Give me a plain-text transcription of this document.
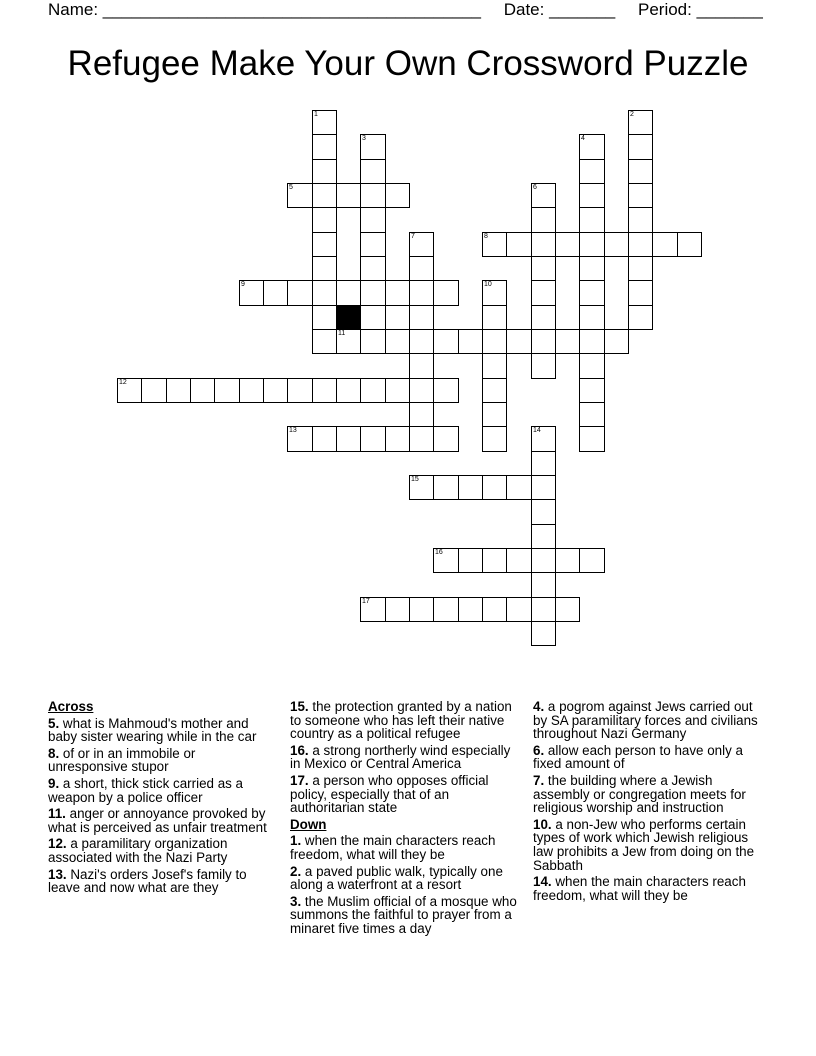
Name: ________________________________________ Date: _______ Period: _______
Refugee Make Your Own Crossword Puzzle
1	2
3	4
5	6
7	8
9	10
11
12
13	14
15
16
17
Across
5. what is Mahmoud's mother and baby sister wearing while in the car
8. of or in an immobile or unresponsive stupor
9. a short, thick stick carried as a weapon by a police officer
11. anger or annoyance provoked by what is perceived as unfair treatment
12. a paramilitary organization associated with the Nazi Party
13. Nazi's orders Josef's family to leave and now what are they
15. the protection granted by a nation to someone who has left their native country as a political refugee
16. a strong northerly wind especially in Mexico or Central America
17. a person who opposes official policy, especially that of an authoritarian state
Down
1. when the main characters reach freedom, what will they be
2. a paved public walk, typically one along a waterfront at a resort
3. the Muslim official of a mosque who summons the faithful to prayer from a minaret five times a day
4. a pogrom against Jews carried out by SA paramilitary forces and civilians throughout Nazi Germany
6. allow each person to have only a fixed amount of
7. the building where a Jewish assembly or congregation meets for religious worship and instruction
10. a non-Jew who performs certain types of work which Jewish religious law prohibits a Jew from doing on the Sabbath
14. when the main characters reach freedom, what will they be
